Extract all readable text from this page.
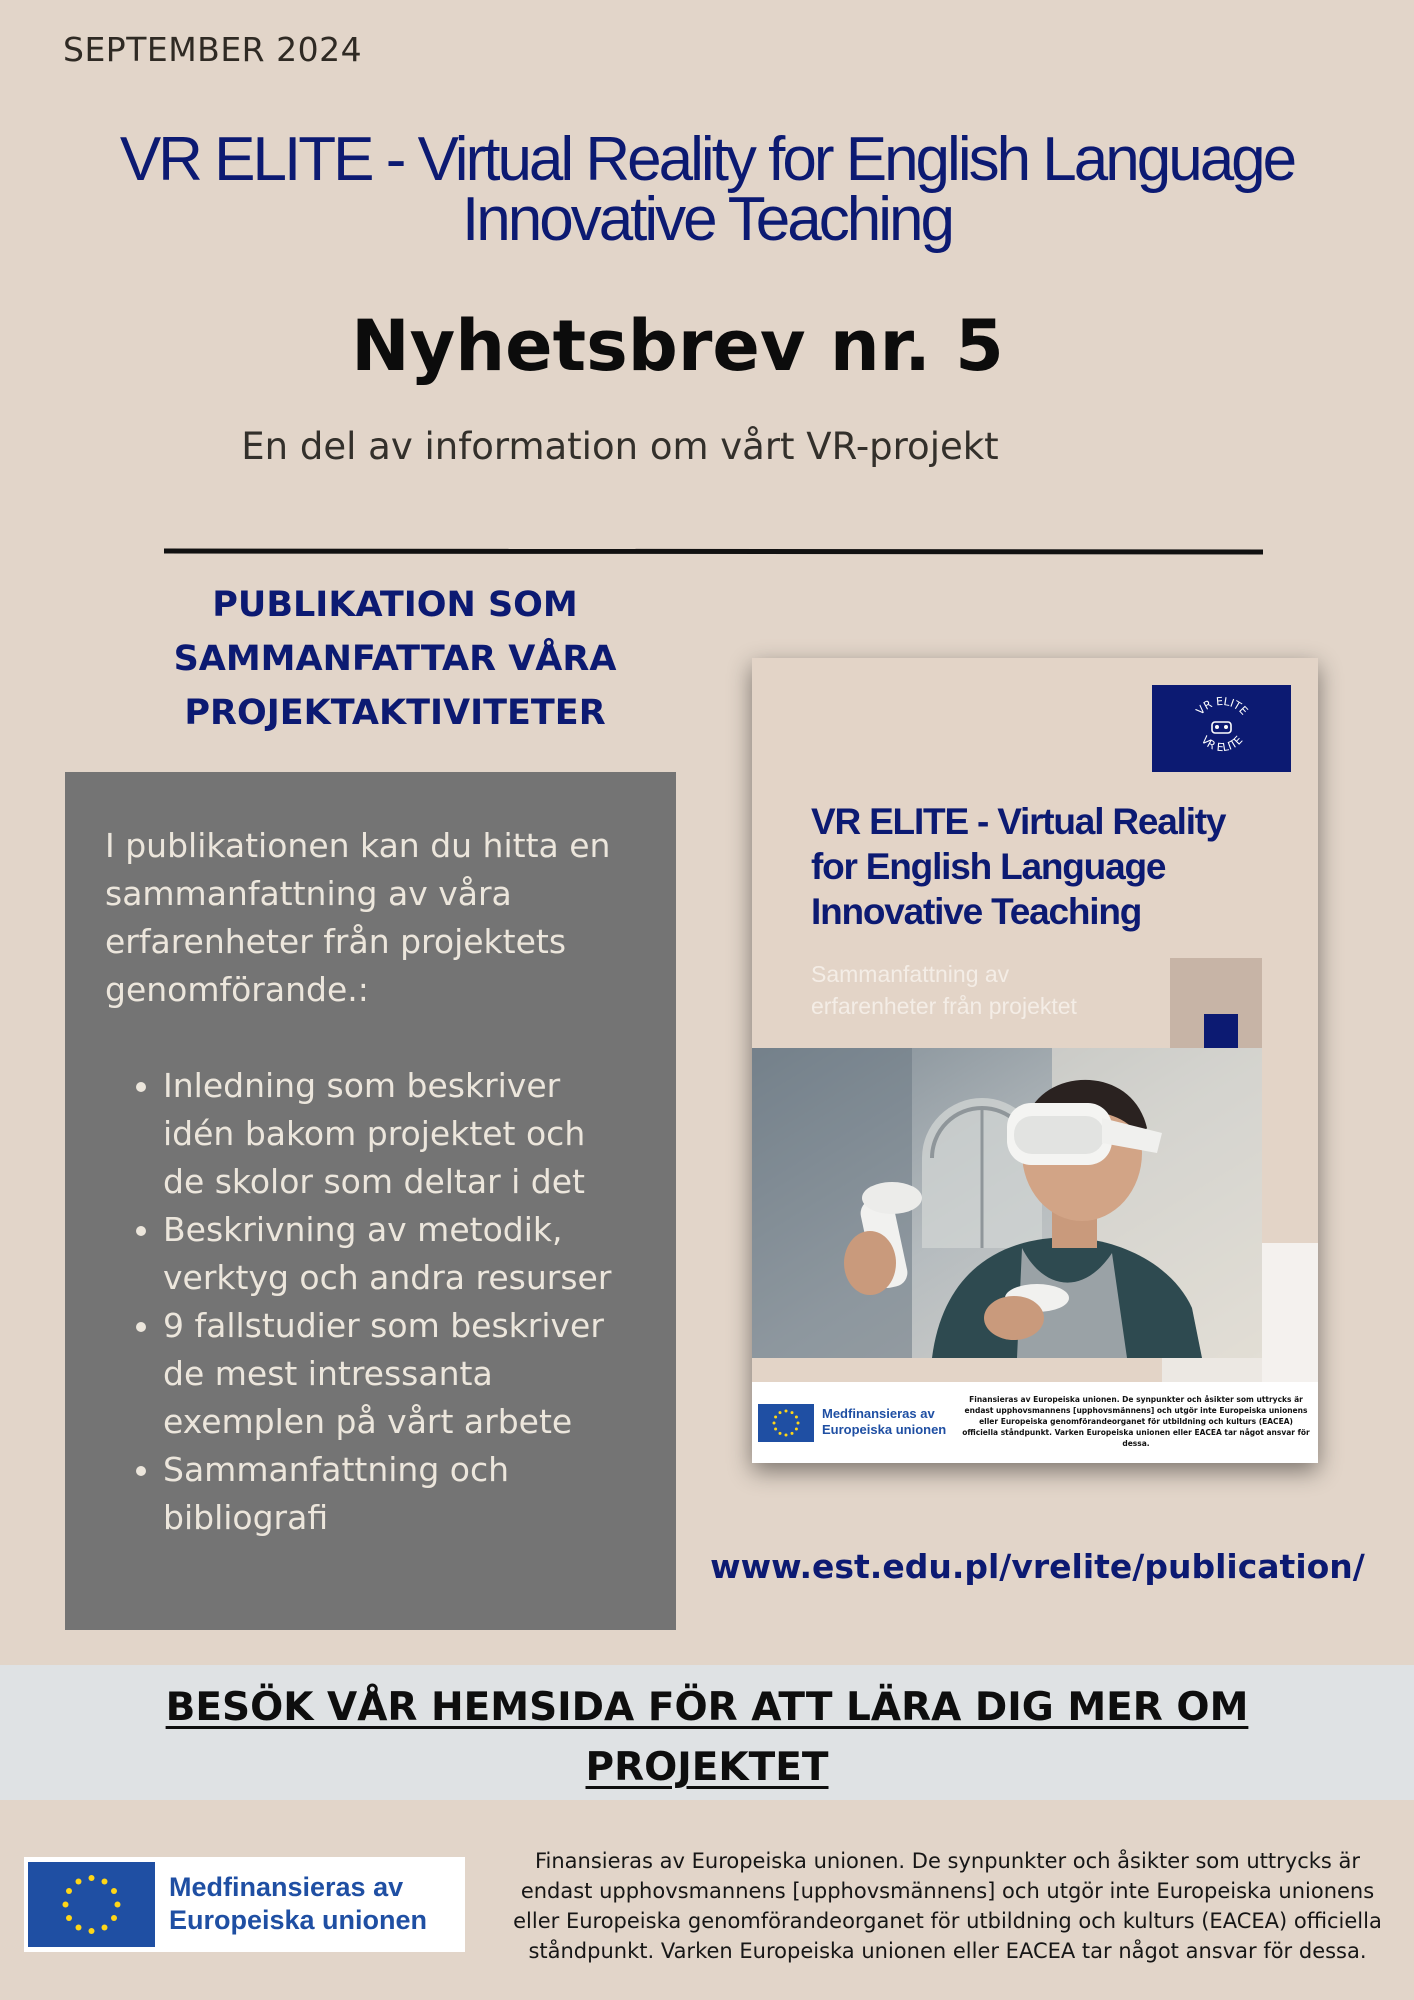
SEPTEMBER 2024
VR ELITE - Virtual Reality for English Language
Innovative Teaching
Nyhetsbrev nr. 5
En del av information om vårt VR-projekt
PUBLIKATION SOM
SAMMANFATTAR VÅRA
PROJEKTAKTIVITETER

I publikationen kan du hitta en sammanfattning av våra erfarenheter från projektets genomförande.:

• Inledning som beskriver idén bakom projektet och de skolor som deltar i det
• Beskrivning av metodik, verktyg och andra resurser
• 9 fallstudier som beskriver de mest intressanta exemplen på vårt arbete
• Sammanfattning och bibliografi
VR ELITE
VR ELITE
VR ELITE - Virtual Reality
for English Language
Innovative Teaching
Sammanfattning av
erfarenheter från projektet
Medfinansieras av
Europeiska unionen
Finansieras av Europeiska unionen. De synpunkter och åsikter som uttrycks är endast upphovsmannens [upphovsmännens] och utgör inte Europeiska unionens eller Europeiska genomförandeorganet för utbildning och kulturs (EACEA) officiella ståndpunkt. Varken Europeiska unionen eller EACEA tar något ansvar för dessa.
www.est.edu.pl/vrelite/publication/
BESÖK VÅR HEMSIDA FÖR ATT LÄRA DIG MER OM
PROJEKTET
Medfinansieras av
Europeiska unionen
Finansieras av Europeiska unionen. De synpunkter och åsikter som uttrycks är endast upphovsmannens [upphovsmännens] och utgör inte Europeiska unionens eller Europeiska genomförandeorganet för utbildning och kulturs (EACEA) officiella ståndpunkt. Varken Europeiska unionen eller EACEA tar något ansvar för dessa.
